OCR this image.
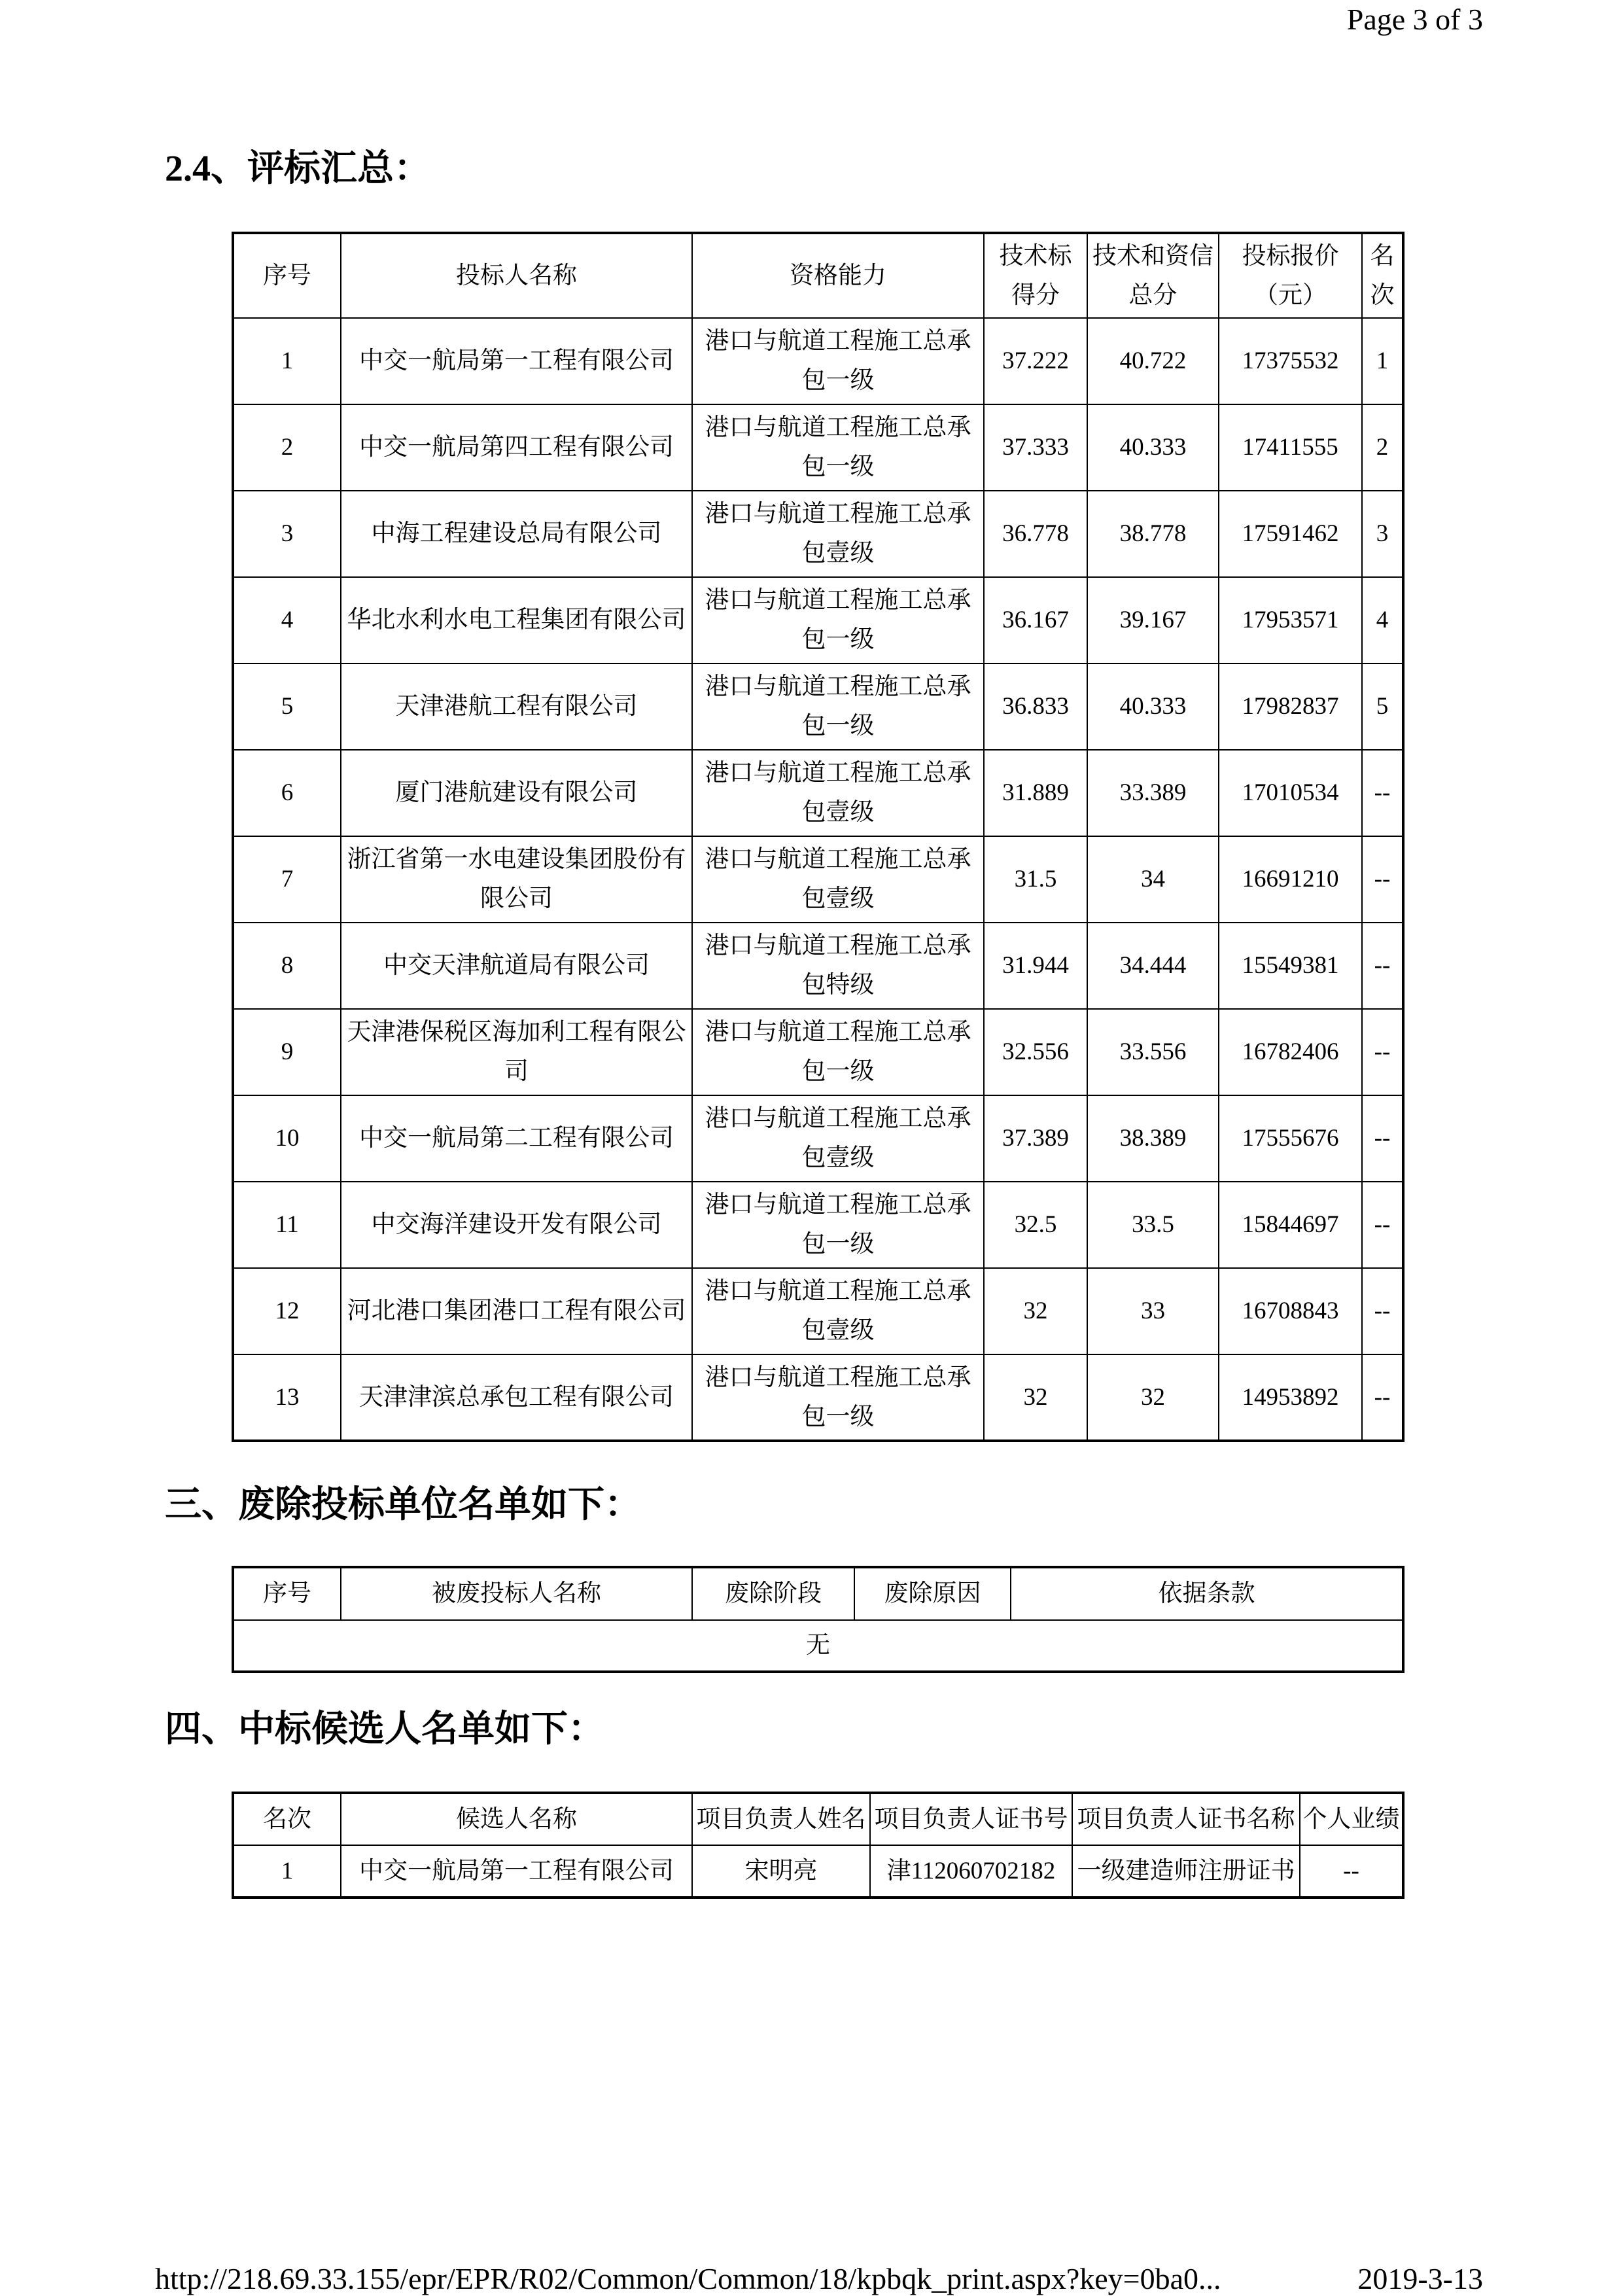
Page 3 of 3
2.4、评标汇总：
序号	投标人名称	资格能力	技术标得分	技术和资信总分	投标报价（元）	名次
1	中交一航局第一工程有限公司	港口与航道工程施工总承包一级	37.222	40.722	17375532	1
2	中交一航局第四工程有限公司	港口与航道工程施工总承包一级	37.333	40.333	17411555	2
3	中海工程建设总局有限公司	港口与航道工程施工总承包壹级	36.778	38.778	17591462	3
4	华北水利水电工程集团有限公司	港口与航道工程施工总承包一级	36.167	39.167	17953571	4
5	天津港航工程有限公司	港口与航道工程施工总承包一级	36.833	40.333	17982837	5
6	厦门港航建设有限公司	港口与航道工程施工总承包壹级	31.889	33.389	17010534	--
7	浙江省第一水电建设集团股份有限公司	港口与航道工程施工总承包壹级	31.5	34	16691210	--
8	中交天津航道局有限公司	港口与航道工程施工总承包特级	31.944	34.444	15549381	--
9	天津港保税区海加利工程有限公司	港口与航道工程施工总承包一级	32.556	33.556	16782406	--
10	中交一航局第二工程有限公司	港口与航道工程施工总承包壹级	37.389	38.389	17555676	--
11	中交海洋建设开发有限公司	港口与航道工程施工总承包一级	32.5	33.5	15844697	--
12	河北港口集团港口工程有限公司	港口与航道工程施工总承包壹级	32	33	16708843	--
13	天津津滨总承包工程有限公司	港口与航道工程施工总承包一级	32	32	14953892	--
三、废除投标单位名单如下：
序号	被废投标人名称	废除阶段	废除原因	依据条款
无
四、中标候选人名单如下：
名次	候选人名称	项目负责人姓名	项目负责人证书号	项目负责人证书名称	个人业绩
1	中交一航局第一工程有限公司	宋明亮	津112060702182	一级建造师注册证书	--
http://218.69.33.155/epr/EPR/R02/Common/Common/18/kpbqk_print.aspx?key=0ba0...	2019-3-13
